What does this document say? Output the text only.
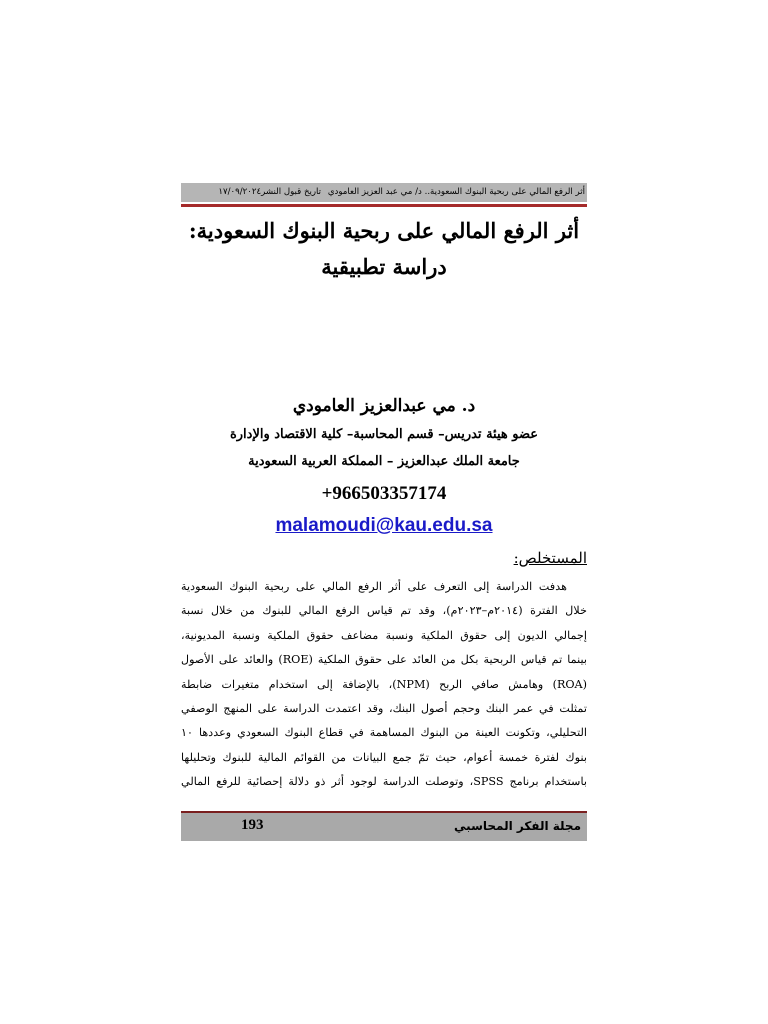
أثر الرفع المالي على ربحية البنوك السعودية.. د/ مي عبد العزيز العامودي تاريخ قبول النشر١٧/٠٩/٢٠٢٤
أثر الرفع المالي على ربحية البنوك السعودية:
دراسة تطبيقية
د. مي عبدالعزيز العامودي
عضو هيئة تدريس– قسم المحاسبة– كلية الاقتصاد والإدارة
جامعة الملك عبدالعزيز – المملكة العربية السعودية
+966503357174
malamoudi@kau.edu.sa
المستخلص:
هدفت الدراسة إلى التعرف على أثر الرفع المالي على ربحية البنوك السعودية
خلال الفترة (٢٠١٤م–٢٠٢٣م)، وقد تم قياس الرفع المالي للبنوك من خلال نسبة
إجمالي الديون إلى حقوق الملكية ونسبة مضاعف حقوق الملكية ونسبة المديونية،
بينما تم قياس الربحية بكل من العائد على حقوق الملكية (ROE) والعائد على الأصول
(ROA) وهامش صافي الربح (NPM)، بالإضافة إلى استخدام متغيرات ضابطة
تمثلت في عمر البنك وحجم أصول البنك، وقد اعتمدت الدراسة على المنهج الوصفي
التحليلي، وتكونت العينة من البنوك المساهمة في قطاع البنوك السعودي وعددها ١٠
بنوك لفترة خمسة أعوام، حيث تمّ جمع البيانات من القوائم المالية للبنوك وتحليلها
باستخدام برنامج SPSS، وتوصلت الدراسة لوجود أثر ذو دلالة إحصائية للرفع المالي
مجلة الفكر المحاسبي
193
